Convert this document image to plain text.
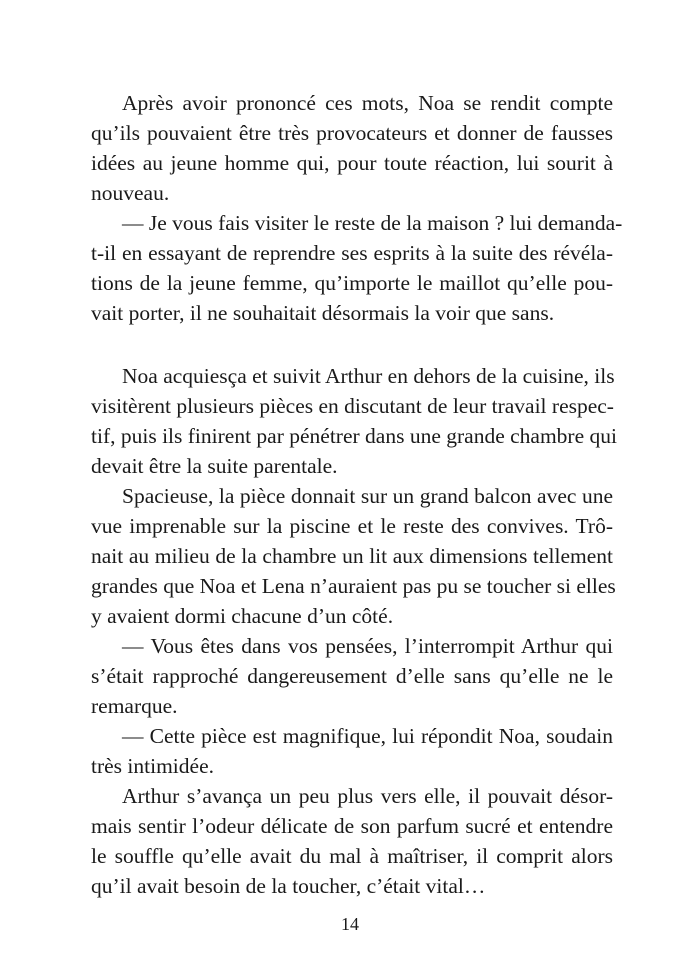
Après avoir prononcé ces mots, Noa se rendit compte
qu’ils pouvaient être très provocateurs et donner de fausses
idées au jeune homme qui, pour toute réaction, lui sourit à
nouveau.
— Je vous fais visiter le reste de la maison ? lui demanda-
t-il en essayant de reprendre ses esprits à la suite des révéla-
tions de la jeune femme, qu’importe le maillot qu’elle pou-
vait porter, il ne souhaitait désormais la voir que sans.
Noa acquiesça et suivit Arthur en dehors de la cuisine, ils
visitèrent plusieurs pièces en discutant de leur travail respec-
tif, puis ils finirent par pénétrer dans une grande chambre qui
devait être la suite parentale.
Spacieuse, la pièce donnait sur un grand balcon avec une
vue imprenable sur la piscine et le reste des convives. Trô-
nait au milieu de la chambre un lit aux dimensions tellement
grandes que Noa et Lena n’auraient pas pu se toucher si elles
y avaient dormi chacune d’un côté.
— Vous êtes dans vos pensées, l’interrompit Arthur qui
s’était rapproché dangereusement d’elle sans qu’elle ne le
remarque.
— Cette pièce est magnifique, lui répondit Noa, soudain
très intimidée.
Arthur s’avança un peu plus vers elle, il pouvait désor-
mais sentir l’odeur délicate de son parfum sucré et entendre
le souffle qu’elle avait du mal à maîtriser, il comprit alors
qu’il avait besoin de la toucher, c’était vital…
14
